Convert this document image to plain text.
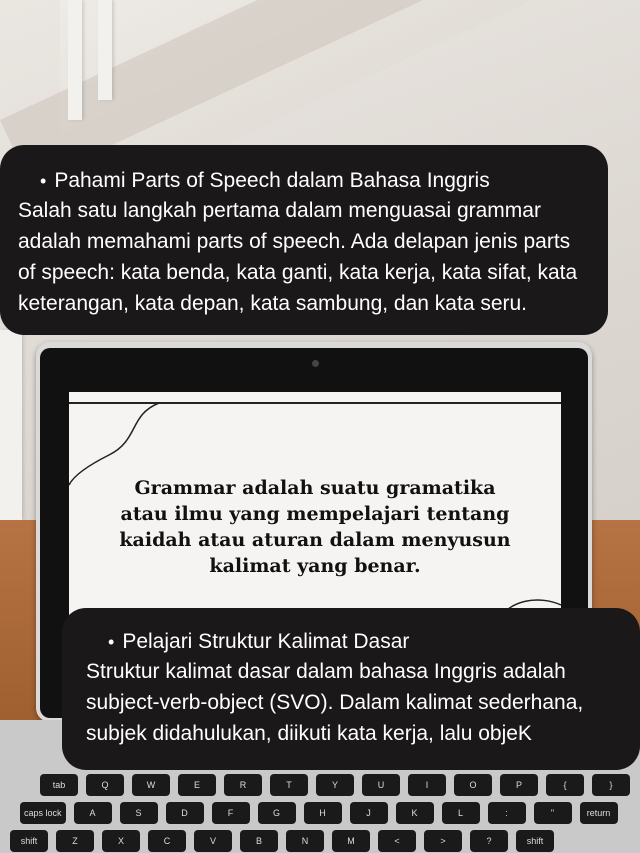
Grammar adalah suatu gramatika atau ilmu yang mempelajari tentang kaidah atau aturan dalam menyusun kalimat yang benar.
tab	Q	W	E	R	T	Y	U	I	O	P	{	}
caps lock	A	S	D	F	G	H	J	K	L	:	"	return
shift	Z	X	C	V	B	N	M	<	>	?	shift
• Pahami Parts of Speech dalam Bahasa Inggris
Salah satu langkah pertama dalam menguasai grammar adalah memahami parts of speech. Ada delapan jenis parts of speech: kata benda, kata ganti, kata kerja, kata sifat, kata keterangan, kata depan, kata sambung, dan kata seru.
• Pelajari Struktur Kalimat Dasar
Struktur kalimat dasar dalam bahasa Inggris adalah subject-verb-object (SVO). Dalam kalimat sederhana, subjek didahulukan, diikuti kata kerja, lalu objeK
